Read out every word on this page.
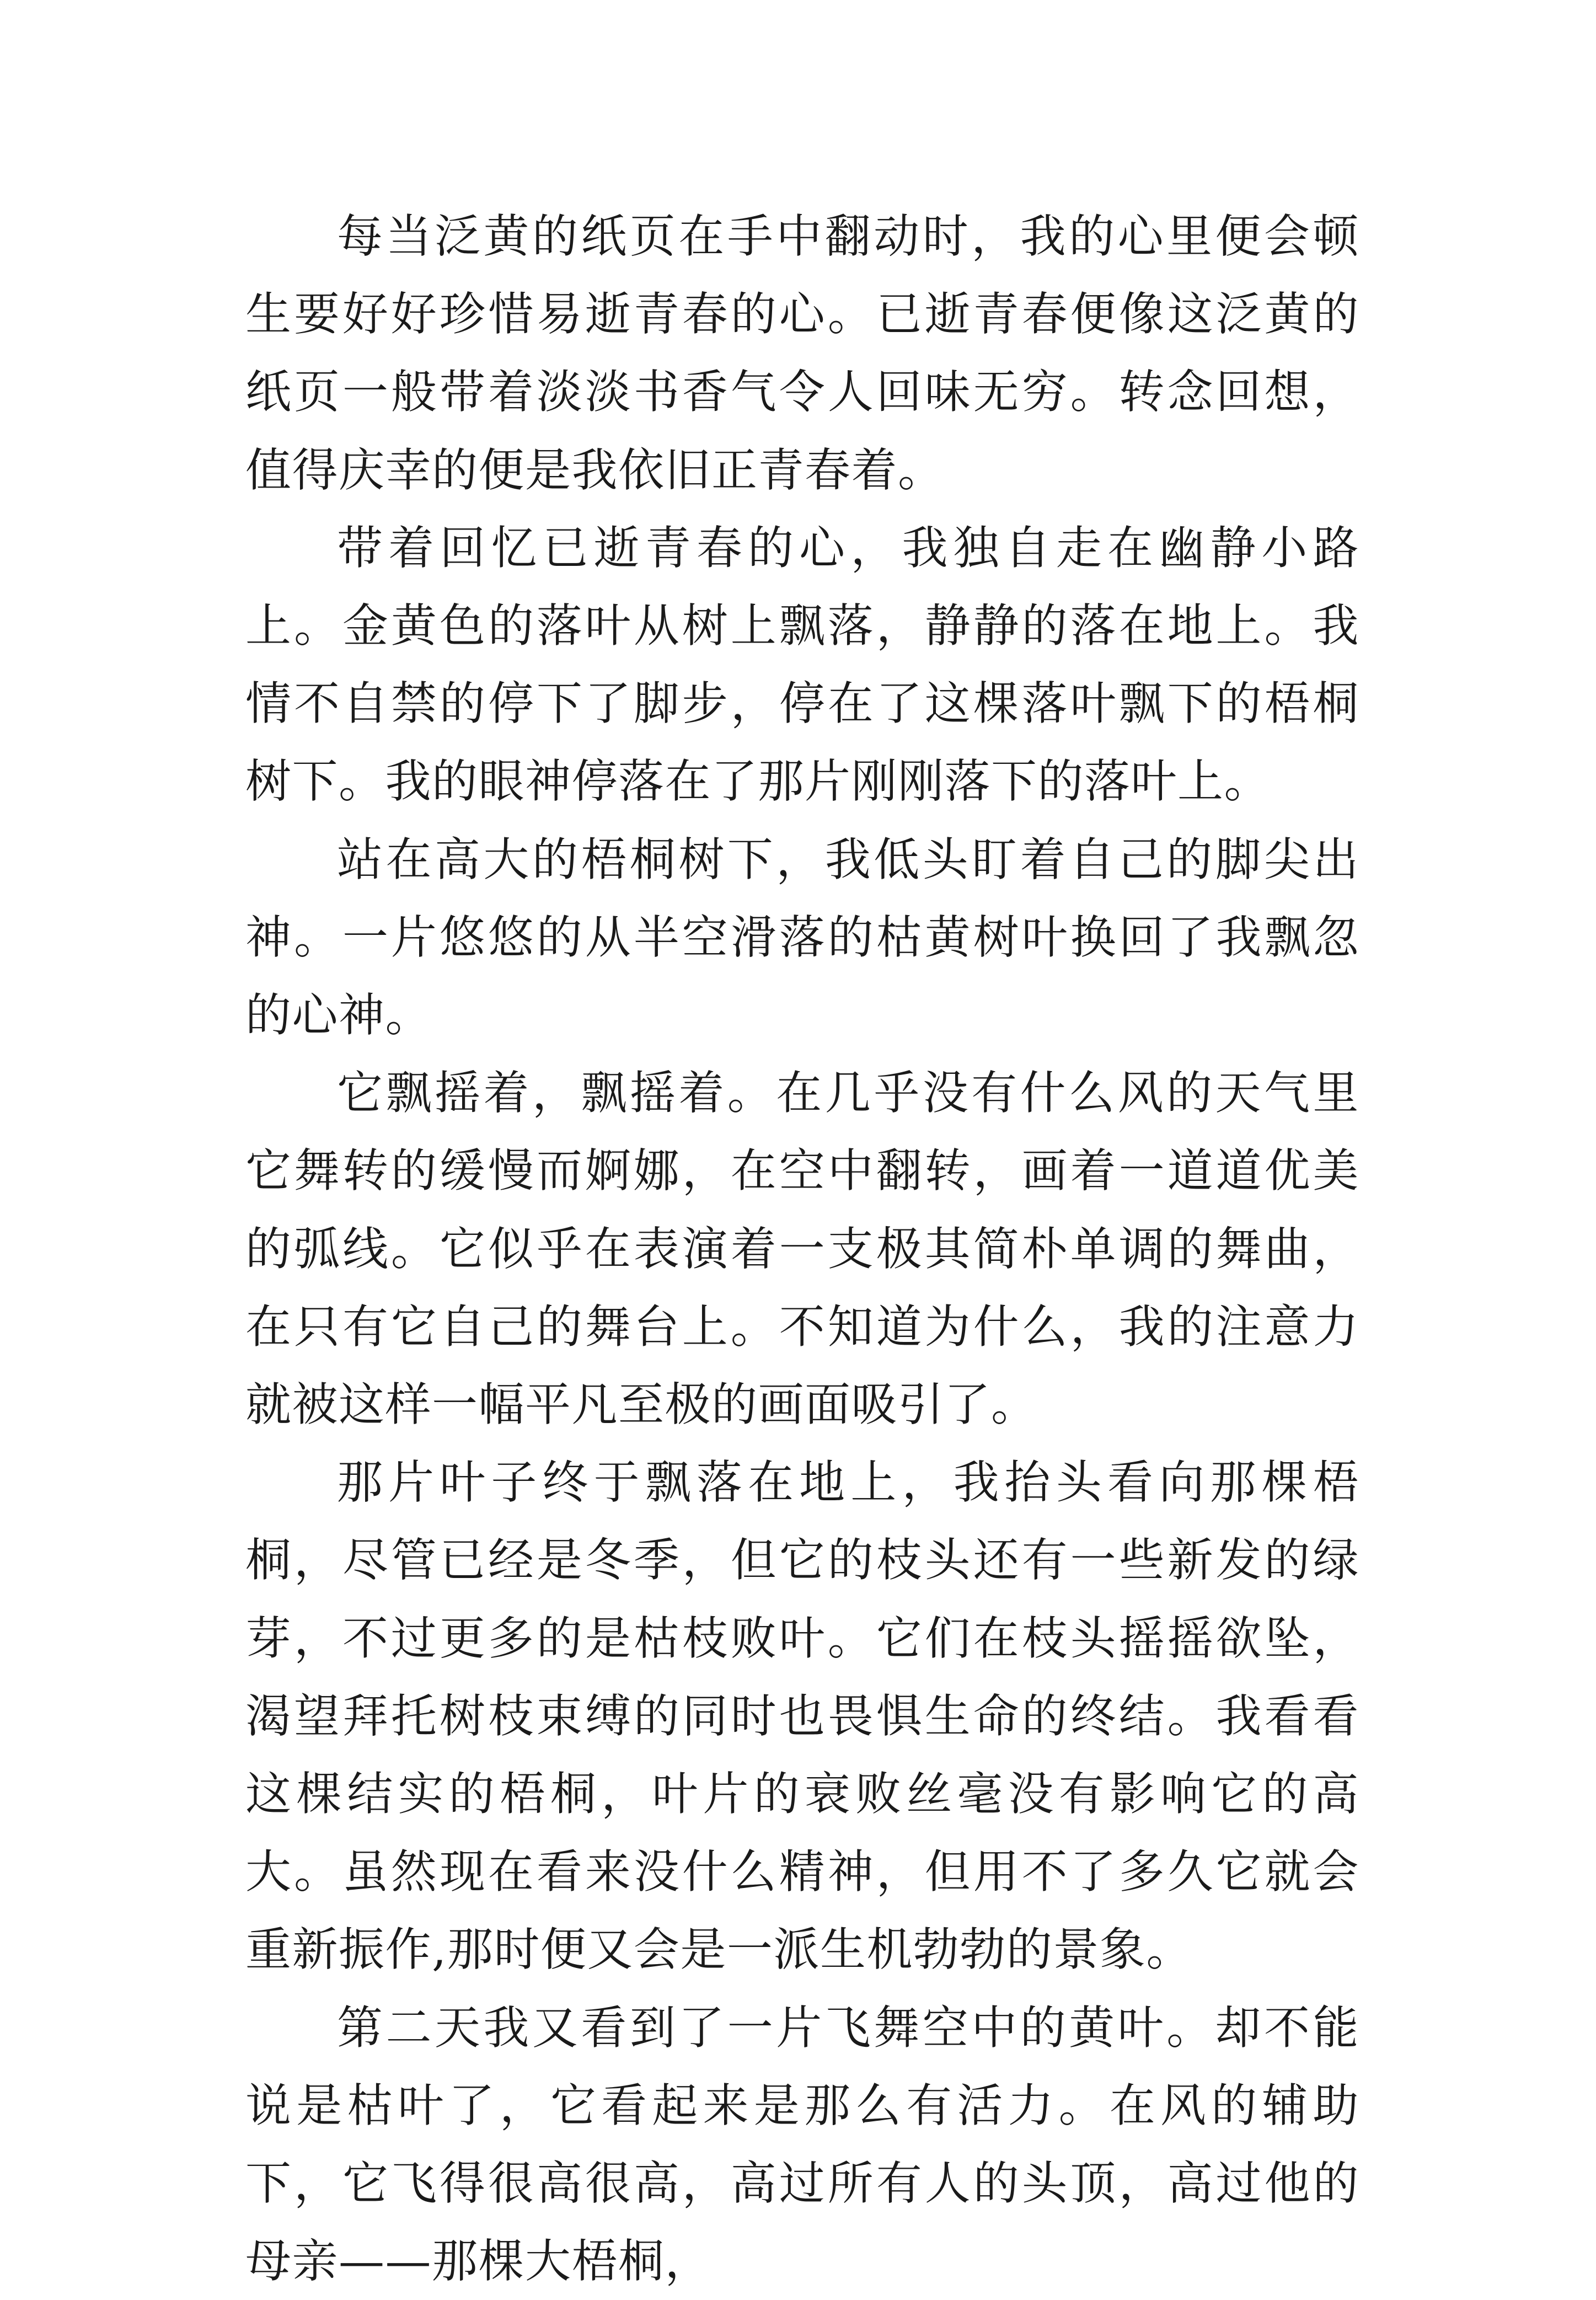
每当泛黄的纸页在手中翻动时，我的心里便会顿生要好好珍惜易逝青春的心。已逝青春便像这泛黄的纸页一般带着淡淡书香气令人回味无穷。转念回想，值得庆幸的便是我依旧正青春着。

带着回忆已逝青春的心，我独自走在幽静小路上。金黄色的落叶从树上飘落，静静的落在地上。我情不自禁的停下了脚步，停在了这棵落叶飘下的梧桐树下。我的眼神停落在了那片刚刚落下的落叶上。

站在高大的梧桐树下，我低头盯着自己的脚尖出神。一片悠悠的从半空滑落的枯黄树叶换回了我飘忽的心神。

它飘摇着，飘摇着。在几乎没有什么风的天气里它舞转的缓慢而婀娜，在空中翻转，画着一道道优美的弧线。它似乎在表演着一支极其简朴单调的舞曲，在只有它自己的舞台上。不知道为什么，我的注意力就被这样一幅平凡至极的画面吸引了。

那片叶子终于飘落在地上，我抬头看向那棵梧桐，尽管已经是冬季，但它的枝头还有一些新发的绿芽，不过更多的是枯枝败叶。它们在枝头摇摇欲坠，渴望拜托树枝束缚的同时也畏惧生命的终结。我看看这棵结实的梧桐，叶片的衰败丝毫没有影响它的高大。虽然现在看来没什么精神，但用不了多久它就会重新振作,那时便又会是一派生机勃勃的景象。

第二天我又看到了一片飞舞空中的黄叶。却不能说是枯叶了，它看起来是那么有活力。在风的辅助下，它飞得很高很高，高过所有人的头顶，高过他的母亲——那棵大梧桐，
